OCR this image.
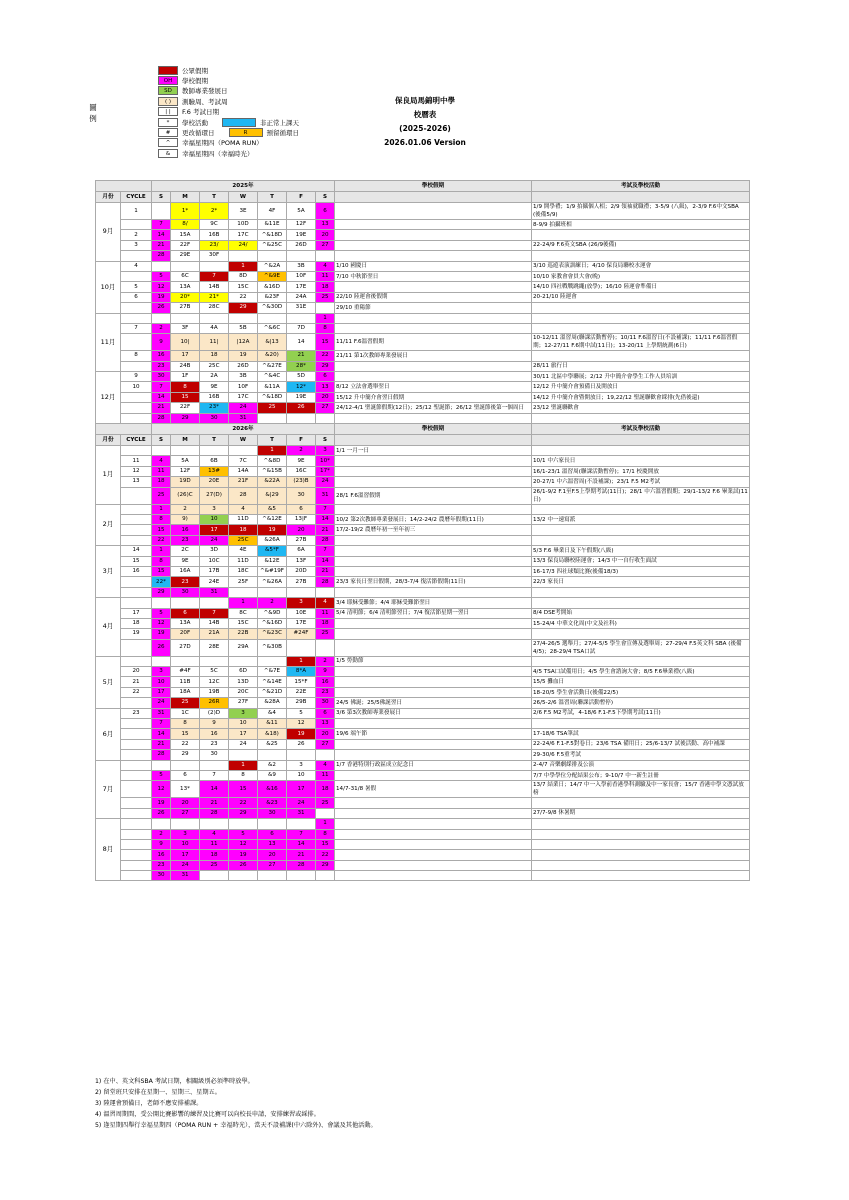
圖例
公眾假期
OH	學校假期
SD	教師專業發展日
( )	測驗周、考試周
| |	F.6 考試日期
*	學校活動	非正常上課天
#	更改循環日	R	預留循環日
^	幸福星期四（POMA RUN）
&	幸福星期四（幸福時光）
保良局馬錦明中學
校曆表
(2025-2026)
2026.01.06 Version
		2025年							學校假期	考試及學校活動
月份	CYCLE	S	M	T	W	T	F	S		
9月	1		1*	2*	3E	4F	5A	6		1/9 開學禮；1/9 拍攝個人相；2/9 領袖就職禮；3-5/9 (八級)，2-3/9 F.6中文SBA (後備5/9)
		7	8/	9C	10D	&11E	12F	13		8-9/9 拍攝班相
	2	14	15A	16B	17C	^&18D	19E	20		
	3	21	22F	23/	24/	^&25C	26D	27		22-24/9 F.6英文SBA (26/9後備)
		28	29E	30F						
10月	4				1	^&2A	3B	4	1/10 國慶日	3/10 巡遊表演訓練日；4/10 保良局聯校水運會
		5	6C	7	8D	^&9E	10F	11	7/10 中秋節翌日	10/10 家教會會員大會(晚)
	5	12	13A	14B	15C	&16D	17E	18		14/10 四社戰戰跳繩(放學)；16/10 陸運會準備日
	6	19	20*	21*	22	&23F	24A	25	22/10 陸運會後假期	20-21/10 陸運會
		26	27B	28C	29	^&30D	31E		29/10 重陽節	
11月								1		
	7	2	3F	4A	5B	^&6C	7D	8		
		9	10|	11|	|12A	&|13	14	15	11/11 F.6溫習假期	10-12/11 溫習周(聯課活動暫停)；10/11 F.6溫習日(不設補課)；11/11 F.6溫習假期；12-27/11 F.6期中試(11日)；13-20/11 上學期統測(6日)
	8	16	17	18	19	&20)	21	22	21/11 第1次教師專業發展日	
		23	24B	25C	26D	^&27E	28*	29		28/11 旅行日
12月	9	30	1F	2A	3B	^&4C	5D	6		30/11 北區中學聯展；2/12 升中簡介會學生工作人員培訓
	10	7	8	9E	10F	&11A	12*	13	8/12 立法會選舉翌日	12/12 升中簡介會預備日及開放日
		14	15	16B	17C	^&18D	19E	20	15/12 升中簡介會翌日假期	14/12 升中簡介會暨開放日；19,22/12 聖誕聯歡會綵排(先借後還)
		21	22F	23*	24	25	26	27	24/12-4/1 聖誕節假期(12日)；25/12 聖誕節；26/12 聖誕節後第一個周日	23/12 聖誕聯歡會
		28	29	30	31					
		2026年							學校假期	考試及學校活動
月份	CYCLE	S	M	T	W	T	F	S		
1月						1	2	3	1/1 一月一日	
	11	4	5A	6B	7C	^&8D	9E	10*		10/1 中六家長日
	12	11	12F	13#	14A	^&15B	16C	17*		16/1-23/1 溫習周(聯課活動暫停)；17/1 校慶開放
	13	18	19D	20E	21F	&22A	(23)B	24		20-27/1 中六溫習周(不設補課)；23/1 F.5 M2考試
		25	(26)C	27(D)	28	&|29	30	31	28/1 F.6溫習假期	26/1-9/2 F.1至F.5上學期考試(11日)；28/1 中六溫習假期；29/1-13/2 F.6 畢業試(11日)
2月		1	2	3	4	&5	6	7		
		8	9)	10	11D	^&12E	13|F	14	10/2 第2次教師專業發展日；14/2-24/2 農曆年假期(11日)	13/2 中一速寫派
		15	16	17	18	19	20	21	17/2-19/2 農曆年初一至年初三	
		22	23	24	25C	&26A	27B	28		
3月	14	1	2C	3D	4E	&5*F	6A	7		5/3 F.6 畢業日及下午假期(八級)
	15	8	9E	10C	11D	&12E	13F	14		13/3 保良局聯校陸運會；14/3 中一自行收生面試
	16	15	16A	17B	18C	^&#19F	20D	21		16-17/3 四社球類比賽(後備18/3)
		22*	23	24E	25F	^&26A	27B	28	23/3 家長日翌日假期，28/3-7/4 復活節假期(11日)	22/3 家長日
		29	30	31						
4月					1	2	3	4	3/4 耶穌受難節；4/4 耶穌受難節翌日	
	17	5	6	7	8C	^&9D	10E	11	5/4 清明節；6/4 清明節翌日；7/4 復活節星期一翌日	8/4 DSE考開始
	18	12	13A	14B	15C	^&16D	17E	18		15-24/4 中華文化周(中文及社科)
	19	19	20F	21A	22B	^&23C	#24F	25		
		26	27D	28E	29A	^&30B				27/4-26/5 選舉月；27/4-5/5 學生會宣傳及選舉周；27-29/4 F.5英文科 SBA (後備4/5)；28-29/4 TSA口試
5月							1	2	1/5 勞動節	
	20	3	#4F	5C	6D	^&7E	8*A	9		4/5 TSA口試備用日；4/5 學生會諮詢大會；8/5 F.6畢業禮(八級)
	21	10	11B	12C	13D	^&14E	15*F	16		15/5 攤血日
	22	17	18A	19B	20C	^&21D	22E	23		18-20/5 學生會活動日(後備22/5)
		24	25	26R	27F	&28A	29B	30	24/5 佛誕；25/5佛誕翌日	26/5-2/6 溫習周(聯課活動暫停)
6月	23	31	1C	(2)D	3	&4	5	6	3/6 第3次教師專業發展日	2/6 F.5 M2考試，4-18/6 F.1-F.5下學期考試(11日)
		7	8	9	10	&11	12	13		
		14	15	16	17	&18)	19	20	19/6 端午節	17-18/6 TSA筆試
		21	22	23	24	&25	26	27		22-24/6 F.1-F.5對卷日；23/6 TSA 備用日；25/6-13/7 試後活動、高中補課
		28	29	30						29-30/6 F.5重考試
7月					1	&2	3	4	1/7 香港特別行政區成立紀念日	2-4/7 音樂劇綵排及公演
		5	6	7	8	&9	10	11		7/7 中學學位分配結果公布；9-10/7 中一新生註冊
		12	13*	14	15	&16	17	18	14/7-31/8 暑假	13/7 結業日；14/7 中一入學前香港學科測驗及中一家長會；15/7 香港中學文憑試放榜
		19	20	21	22	&23	24	25		
		26	27	28	29	30	31			27/7-9/8 休暑期
8月								1		
		2	3	4	5	6	7	8		
		9	10	11	12	13	14	15		
		16	17	18	19	20	21	22		
		23	24	25	26	27	28	29		
		30	31							
1) 在中、英文科SBA 考試日期，相關級別必須準時放學。
2) 留堂班只安排在星期一、星期三、星期五。
3) 陸運會預備日，老師不應安排補課。
4) 溫習周期間，受公開比賽影響的練習及比賽可以向校長申請，安排練習或綵排。
5) 逢星期四舉行幸福星期四（POMA RUN + 幸福時光），當天不設補課(中六除外)、會議及其他活動。
